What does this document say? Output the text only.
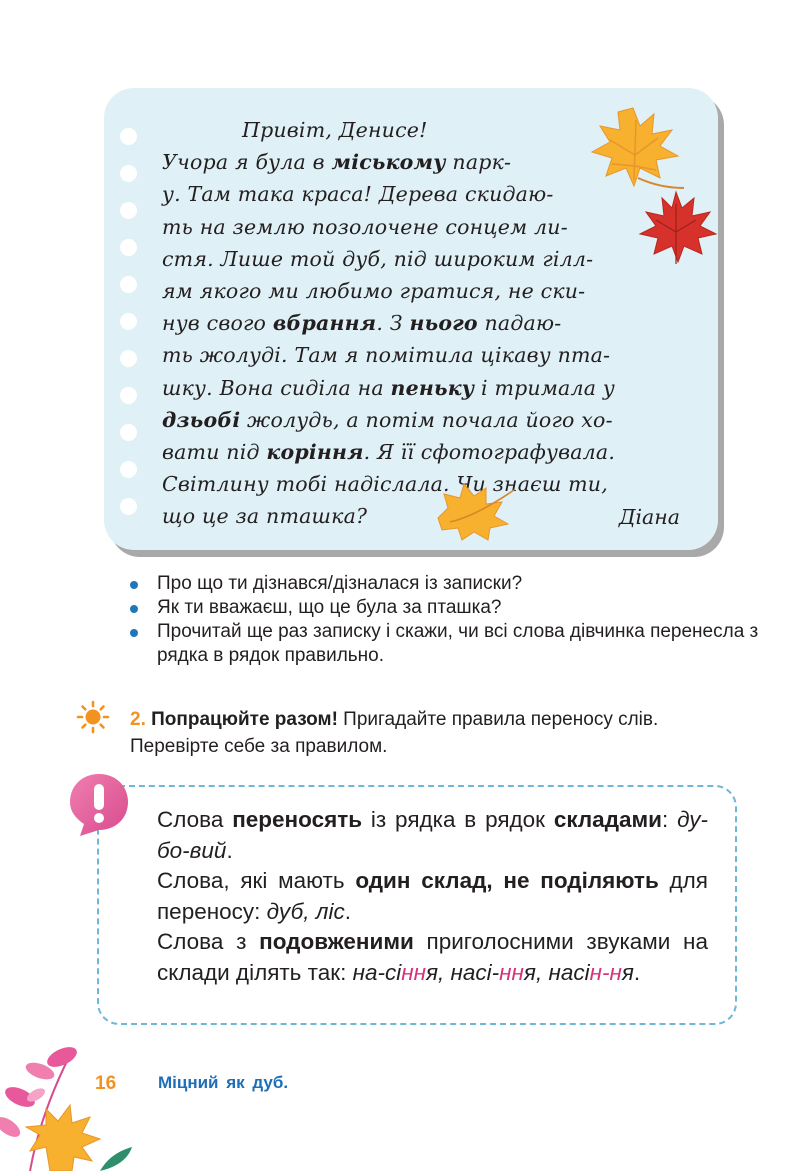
Привіт, Денисе!
Учора я була в міському парк-
у. Там така краса! Дерева скидаю-
ть на землю позолочене сонцем ли-
стя. Лише той дуб, під широким гілл-
ям якого ми любимо гратися, не ски-
нув свого вбрання. З нього падаю-
ть жолуді. Там я помітила цікаву пта-
шку. Вона сиділа на пеньку і тримала у
дзьобі жолудь, а потім почала його хо-
вати під коріння. Я її сфотографувала.
Світлину тобі надіслала. Чи знаєш ти,
що це за пташка?	Діана
Про що ти дізнався/дізналася із записки?
Як ти вважаєш, що це була за пташка?
Прочитай ще раз записку і скажи, чи всі слова дівчинка перенесла з рядка в рядок правильно.
2. Попрацюйте разом! Пригадайте правила переносу слів. Перевірте себе за правилом.
Слова переносять із рядка в рядок складами: ду-бо-вий.
Слова, які мають один склад, не поділяють для переносу: дуб, ліс.
Слова з подовженими приголосними звуками на склади ділять так: на-сіння, насі-ння, насін-ня.
16 Міцний як дуб.
